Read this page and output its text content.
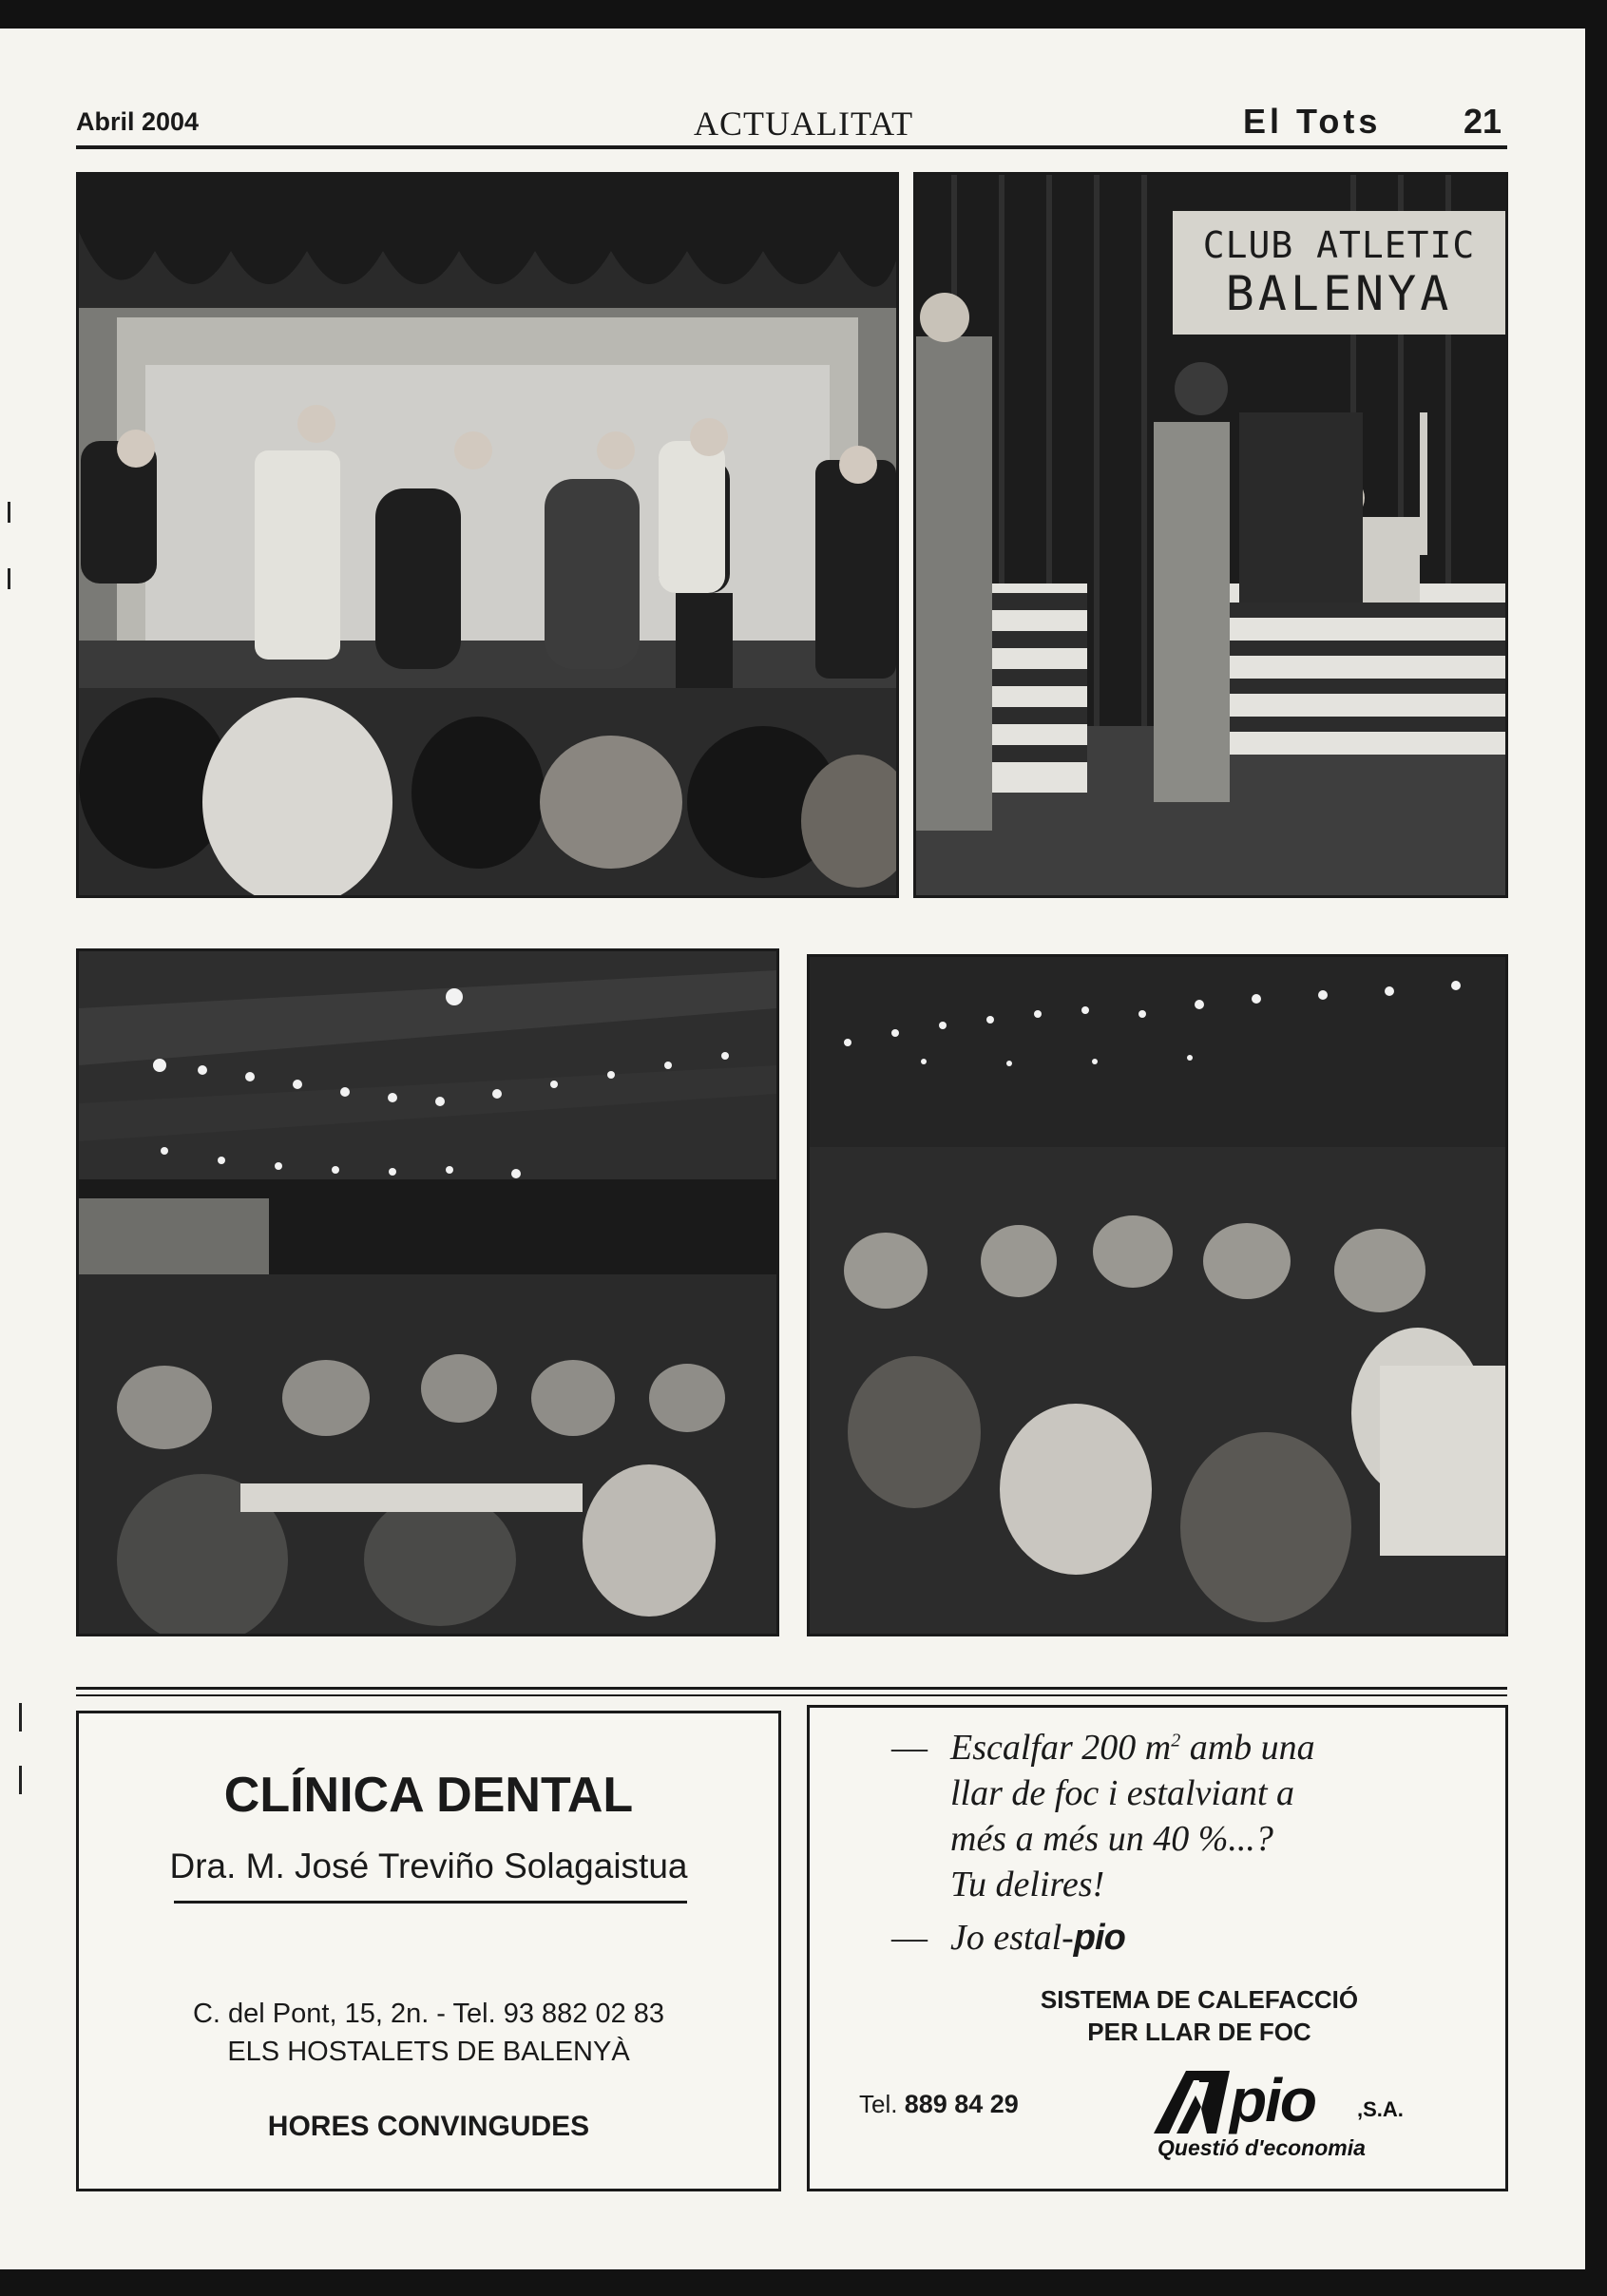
Abril 2004	ACTUALITAT	El Tots 21
CLUB ATLETIC
BALENYA
CLÍNICA DENTAL
Dra. M. José Treviño Solagaistua
C. del Pont, 15, 2n. - Tel. 93 882 02 83
ELS HOSTALETS DE BALENYÀ
HORES CONVINGUDES
— Escalfar 200 $m^2$ amb una
llar de foc i estalviant a
més a més un 40 %...?
Tu delires!
— Jo estal-pio
SISTEMA DE CALEFACCIÓ
PER LLAR DE FOC
Tel. 889 84 29	pio ,S.A.
Questió d'economia
